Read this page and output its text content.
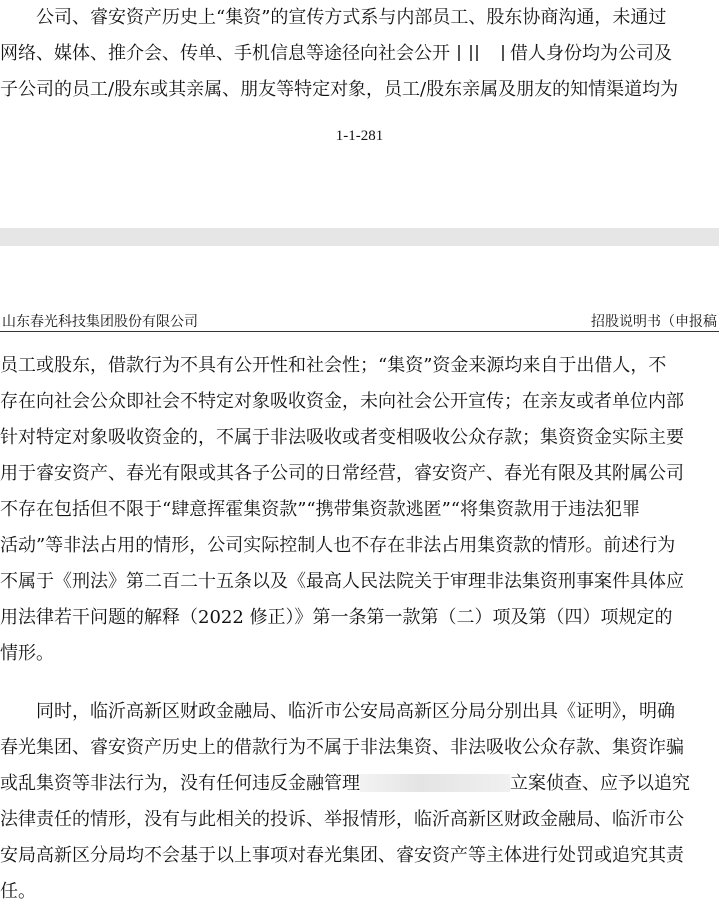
公司、睿安资产历史上“集资”的宣传方式系与内部员工、股东协商沟通，未通过
网络、媒体、推介会、传单、手机信息等途径向社会公开	借人身份均为公司及
子公司的员工/股东或其亲属、朋友等特定对象，员工/股东亲属及朋友的知情渠道均为
1-1-281
山东春光科技集团股份有限公司	招股说明书（申报稿
员工或股东，借款行为不具有公开性和社会性；“集资”资金来源均来自于出借人，不
存在向社会公众即社会不特定对象吸收资金，未向社会公开宣传；在亲友或者单位内部
针对特定对象吸收资金的，不属于非法吸收或者变相吸收公众存款；集资资金实际主要
用于睿安资产、春光有限或其各子公司的日常经营，睿安资产、春光有限及其附属公司
不存在包括但不限于“肆意挥霍集资款”“携带集资款逃匿”“将集资款用于违法犯罪
活动”等非法占用的情形，公司实际控制人也不存在非法占用集资款的情形。前述行为
不属于《刑法》第二百二十五条以及《最高人民法院关于审理非法集资刑事案件具体应
用法律若干问题的解释（2022 修正）》第一条第一款第（二）项及第（四）项规定的
情形。
同时，临沂高新区财政金融局、临沂市公安局高新区分局分别出具《证明》，明确
春光集团、睿安资产历史上的借款行为不属于非法集资、非法吸收公众存款、集资诈骗
或乱集资等非法行为，没有任何违反金融管理	立案侦查、应予以追究
法律责任的情形，没有与此相关的投诉、举报情形，临沂高新区财政金融局、临沂市公
安局高新区分局均不会基于以上事项对春光集团、睿安资产等主体进行处罚或追究其责
任。
